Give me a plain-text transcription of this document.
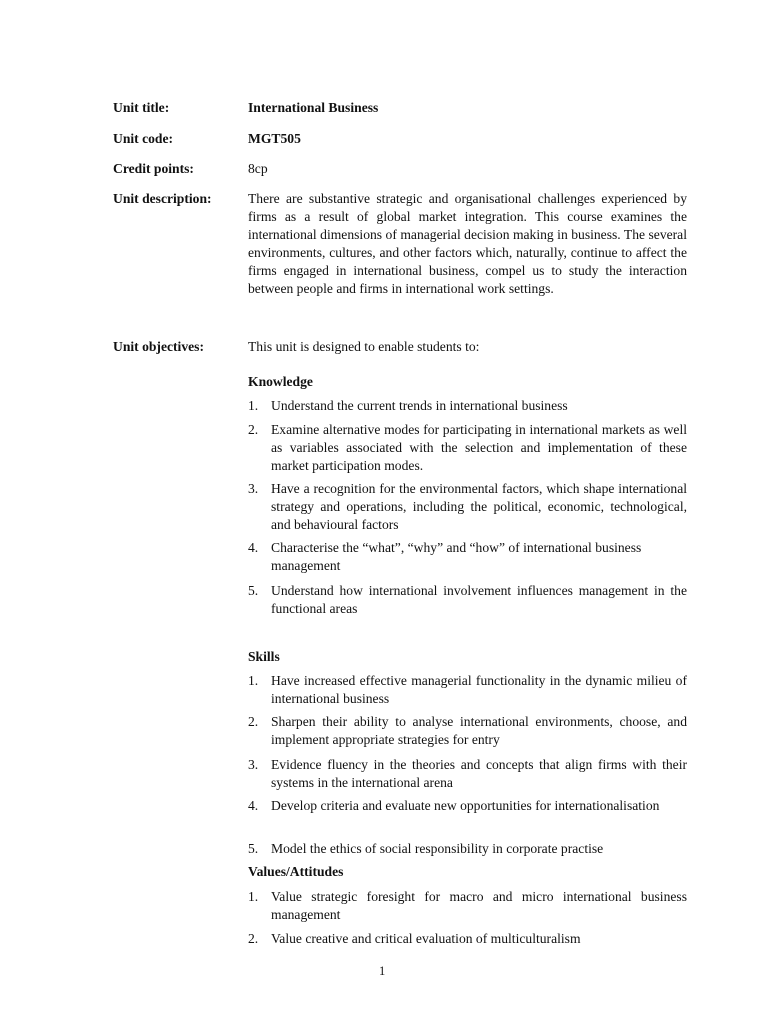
Unit title:	International Business
Unit code:	MGT505
Credit points:	8cp
Unit description:	There are substantive strategic and organisational challenges experienced by firms as a result of global market integration. This course examines the international dimensions of managerial decision making in business. The several environments, cultures, and other factors which, naturally, continue to affect the firms engaged in international business, compel us to study the interaction between people and firms in international work settings.
Unit objectives:	This unit is designed to enable students to:
Knowledge
1. Understand the current trends in international business
2. Examine alternative modes for participating in international markets as well as variables associated with the selection and implementation of these market participation modes.
3. Have a recognition for the environmental factors, which shape international strategy and operations, including the political, economic, technological, and behavioural factors
4. Characterise the “what”, “why” and “how” of international business management
5. Understand how international involvement influences management in the functional areas
Skills
1. Have increased effective managerial functionality in the dynamic milieu of international business
2. Sharpen their ability to analyse international environments, choose, and implement appropriate strategies for entry
3. Evidence fluency in the theories and concepts that align firms with their systems in the international arena
4. Develop criteria and evaluate new opportunities for internationalisation
5. Model the ethics of social responsibility in corporate practise
Values/Attitudes
1. Value strategic foresight for macro and micro international business management
2. Value creative and critical evaluation of multiculturalism
1
